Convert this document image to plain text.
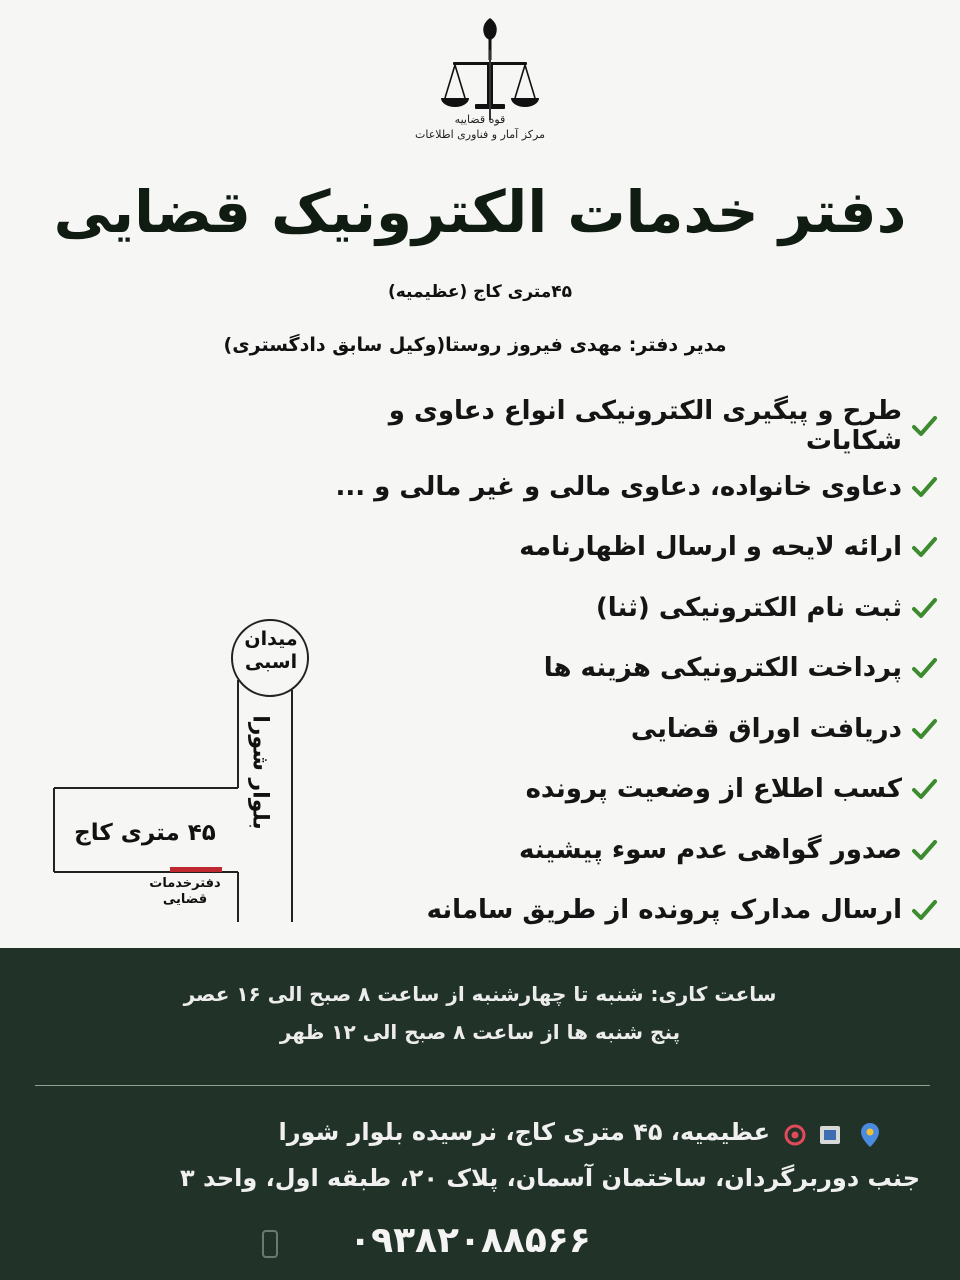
قوه قضاییه
مرکز آمار و فناوری اطلاعات
دفتر خدمات الکترونیک قضایی
۴۵متری کاج (عظیمیه)
مدیر دفتر: مهدی فیروز روستا(وکیل سابق دادگستری)
طرح و پیگیری الکترونیکی انواع دعاوی و شکایات
دعاوی خانواده، دعاوی مالی و غیر مالی و ...
ارائه لایحه و ارسال اظهارنامه
ثبت نام الکترونیکی (ثنا)
پرداخت الکترونیکی هزینه ها
دریافت اوراق قضایی
کسب اطلاع از وضعیت پرونده
صدور گواهی عدم سوء پیشینه
ارسال مدارک پرونده از طریق سامانه
میدان
اسبی
بلوار شورا
۴۵ متری کاج
دفترخدمات
قضایی
ساعت کاری: شنبه تا چهارشنبه از ساعت ۸ صبح الی ۱۶ عصر
پنج شنبه ها از ساعت ۸ صبح الی ۱۲ ظهر
عظیمیه، ۴۵ متری کاج، نرسیده بلوار شورا
جنب دوربرگردان، ساختمان آسمان، پلاک ۲۰، طبقه اول، واحد ۳
۰۹۳۸۲۰۸۸۵۶۶
